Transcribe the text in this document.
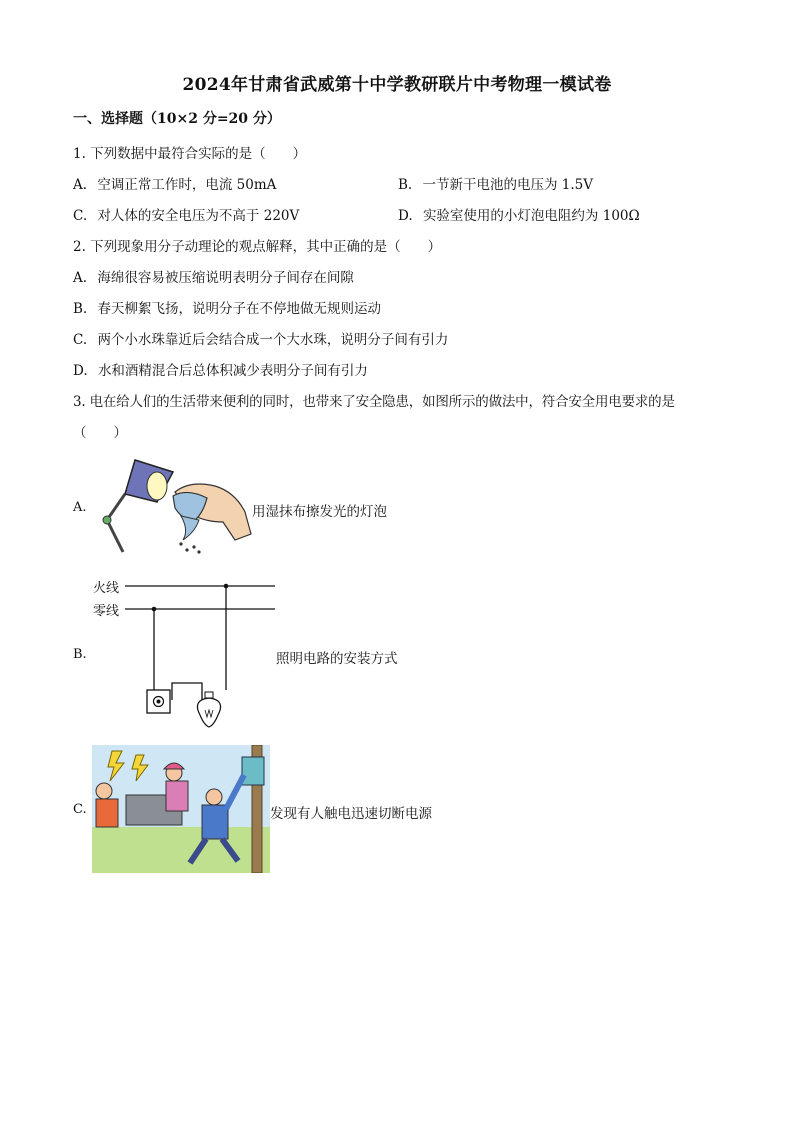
2024年甘肃省武威第十中学教研联片中考物理一模试卷
一、选择题（10×2 分=20 分）
1. 下列数据中最符合实际的是（　　）
A. 空调正常工作时，电流 50mA	B. 一节新干电池的电压为 1.5V
C. 对人体的安全电压为不高于 220V	D. 实验室使用的小灯泡电阻约为 100Ω
2. 下列现象用分子动理论的观点解释，其中正确的是（　　）
A. 海绵很容易被压缩说明表明分子间存在间隙
B. 春天柳絮飞扬，说明分子在不停地做无规则运动
C. 两个小水珠靠近后会结合成一个大水珠，说明分子间有引力
D. 水和酒精混合后总体积减少表明分子间有引力
3. 电在给人们的生活带来便利的同时，也带来了安全隐患，如图所示的做法中，符合安全用电要求的是
（　　）
A.	用湿抹布擦发光的灯泡
B.
火线
零线
照明电路的安装方式
C.	发现有人触电迅速切断电源
